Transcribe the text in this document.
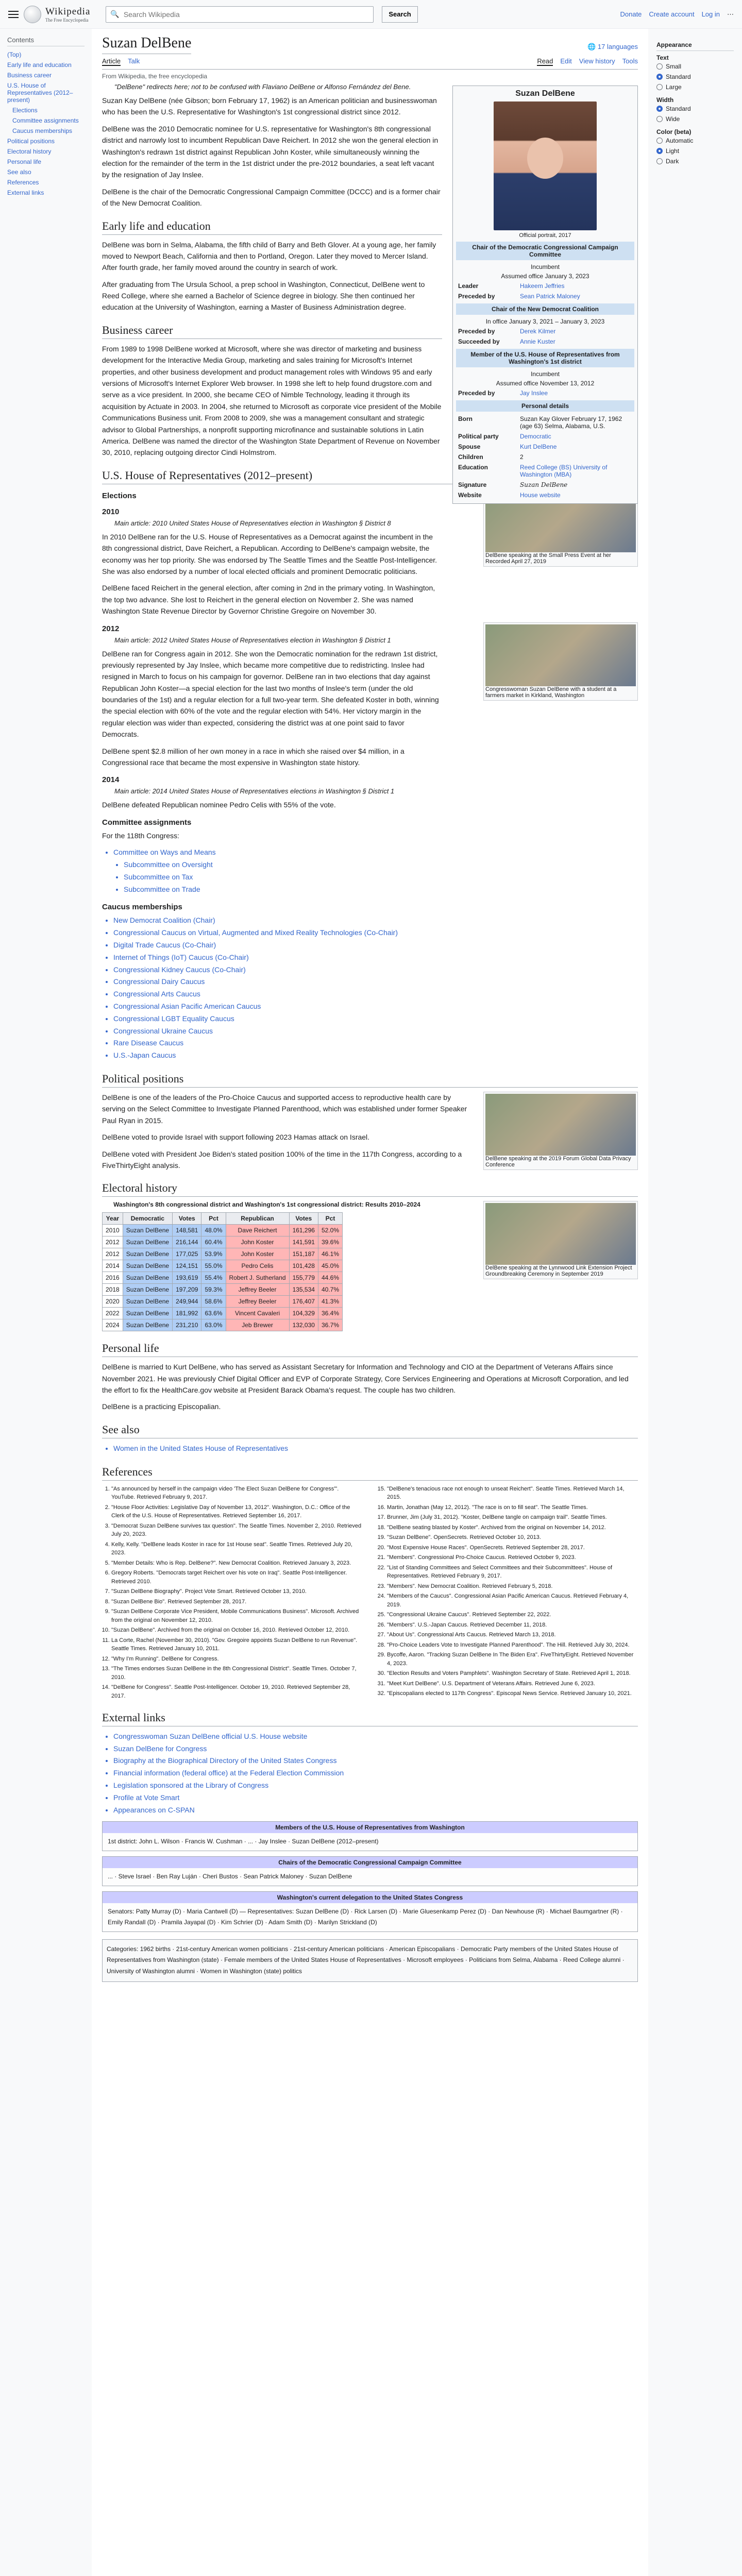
Wikipedia
The Free Encyclopedia
🔍
Search Wikipedia	Search	Donate Create account Log in ⋯
Contents
(Top)
Early life and education
Business career
U.S. House of Representatives (2012–present)
Elections
Committee assignments
Caucus memberships
Political positions
Electoral history
Personal life
See also
References
External links
Appearance
Text
Small
Standard
Large
Width
Standard
Wide
Color (beta)
Automatic
Light
Dark
Suzan DelBene	🌐 17 languages
Article Talk	Read Edit View history Tools
From Wikipedia, the free encyclopedia
"DelBene" redirects here; not to be confused with Flaviano DelBene or Alfonso Fernández del Bene.

Suzan Kay DelBene (née Gibson; born February 17, 1962) is an American politician and businesswoman who has been the U.S. Representative for Washington's 1st congressional district since 2012.

DelBene was the 2010 Democratic nominee for U.S. representative for Washington's 8th congressional district and narrowly lost to incumbent Republican Dave Reichert. In 2012 she won the general election in Washington's redrawn 1st district against Republican John Koster, while simultaneously winning the election for the remainder of the term in the 1st district under the pre-2012 boundaries, a seat left vacant by the resignation of Jay Inslee.

DelBene is the chair of the Democratic Congressional Campaign Committee (DCCC) and is a former chair of the New Democrat Coalition.

Early life and education

DelBene was born in Selma, Alabama, the fifth child of Barry and Beth Glover. At a young age, her family moved to Newport Beach, California and then to Portland, Oregon. Later they moved to Mercer Island. After fourth grade, her family moved around the country in search of work.

After graduating from The Ursula School, a prep school in Washington, Connecticut, DelBene went to Reed College, where she earned a Bachelor of Science degree in biology. She then continued her education at the University of Washington, earning a Master of Business Administration degree.

Business career

From 1989 to 1998 DelBene worked at Microsoft, where she was director of marketing and business development for the Interactive Media Group, marketing and sales training for Microsoft's Internet properties, and other business development and product management roles with Windows 95 and early versions of Microsoft's Internet Explorer Web browser. In 1998 she left to help found drugstore.com and serve as a vice president. In 2000, she became CEO of Nimble Technology, leading it through its acquisition by Actuate in 2003. In 2004, she returned to Microsoft as corporate vice president of the Mobile Communications Business unit. From 2008 to 2009, she was a management consultant and strategic advisor to Global Partnerships, a nonprofit supporting microfinance and sustainable solutions in Latin America. DelBene was named the director of the Washington State Department of Revenue on November 30, 2010, replacing outgoing director Cindi Holmstrom.

U.S. House of Representatives (2012–present)
DelBene speaking at the Small Press Event at her Recorded April 27, 2019
Elections
2010
Main article: 2010 United States House of Representatives election in Washington § District 8

In 2010 DelBene ran for the U.S. House of Representatives as a Democrat against the incumbent in the 8th congressional district, Dave Reichert, a Republican. According to DelBene's campaign website, the economy was her top priority. She was endorsed by The Seattle Times and the Seattle Post-Intelligencer. She was also endorsed by a number of local elected officials and prominent Democratic politicians.

DelBene faced Reichert in the general election, after coming in 2nd in the primary voting. In Washington, the top two advance. She lost to Reichert in the general election on November 2. She was named Washington State Revenue Director by Governor Christine Gregoire on November 30.

Congresswoman Suzan DelBene with a student at a farmers market in Kirkland, Washington
2012
Main article: 2012 United States House of Representatives election in Washington § District 1

DelBene ran for Congress again in 2012. She won the Democratic nomination for the redrawn 1st district, previously represented by Jay Inslee, which became more competitive due to redistricting. Inslee had resigned in March to focus on his campaign for governor. DelBene ran in two elections that day against Republican John Koster—a special election for the last two months of Inslee's term (under the old boundaries of the 1st) and a regular election for a full two-year term. She defeated Koster in both, winning the special election with 60% of the vote and the regular election with 54%. Her victory margin in the regular election was wider than expected, considering the district was at one point said to favor Democrats.

DelBene spent $2.8 million of her own money in a race in which she raised over $4 million, in a Congressional race that became the most expensive in Washington state history.

2014
Main article: 2014 United States House of Representatives elections in Washington § District 1

DelBene defeated Republican nominee Pedro Celis with 55% of the vote.

Committee assignments

For the 118th Congress:

• Committee on Ways and Means
• Subcommittee on Oversight
• Subcommittee on Tax
• Subcommittee on Trade
Caucus memberships
• New Democrat Coalition (Chair)
• Congressional Caucus on Virtual, Augmented and Mixed Reality Technologies (Co-Chair)
• Digital Trade Caucus (Co-Chair)
• Internet of Things (IoT) Caucus (Co-Chair)
• Congressional Kidney Caucus (Co-Chair)
• Congressional Dairy Caucus
• Congressional Arts Caucus
• Congressional Asian Pacific American Caucus
• Congressional LGBT Equality Caucus
• Congressional Ukraine Caucus
• Rare Disease Caucus
• U.S.-Japan Caucus
Political positions
DelBene speaking at the 2019 Forum Global Data Privacy Conference

DelBene is one of the leaders of the Pro-Choice Caucus and supported access to reproductive health care by serving on the Select Committee to Investigate Planned Parenthood, which was established under former Speaker Paul Ryan in 2015.

DelBene voted to provide Israel with support following 2023 Hamas attack on Israel.

DelBene voted with President Joe Biden's stated position 100% of the time in the 117th Congress, according to a FiveThirtyEight analysis.

Electoral history
DelBene speaking at the Lynnwood Link Extension Project Groundbreaking Ceremony in September 2019
Washington's 8th congressional district and Washington's 1st congressional district: Results 2010–2024
Year	Democratic	Votes	Pct	Republican	Votes	Pct
2010	Suzan DelBene	148,581	48.0%	Dave Reichert	161,296	52.0%
2012	Suzan DelBene	216,144	60.4%	John Koster	141,591	39.6%
2012	Suzan DelBene	177,025	53.9%	John Koster	151,187	46.1%
2014	Suzan DelBene	124,151	55.0%	Pedro Celis	101,428	45.0%
2016	Suzan DelBene	193,619	55.4%	Robert J. Sutherland	155,779	44.6%
2018	Suzan DelBene	197,209	59.3%	Jeffrey Beeler	135,534	40.7%
2020	Suzan DelBene	249,944	58.6%	Jeffrey Beeler	176,407	41.3%
2022	Suzan DelBene	181,992	63.6%	Vincent Cavaleri	104,329	36.4%
2024	Suzan DelBene	231,210	63.0%	Jeb Brewer	132,030	36.7%
Personal life

DelBene is married to Kurt DelBene, who has served as Assistant Secretary for Information and Technology and CIO at the Department of Veterans Affairs since November 2021. He was previously Chief Digital Officer and EVP of Corporate Strategy, Core Services Engineering and Operations at Microsoft Corporation, and led the effort to fix the HealthCare.gov website at President Barack Obama's request. The couple has two children.

DelBene is a practicing Episcopalian.

See also
• Women in the United States House of Representatives
References
1. "As announced by herself in the campaign video 'The Elect Suzan DelBene for Congress'". YouTube. Retrieved February 9, 2017.
2. "House Floor Activities: Legislative Day of November 13, 2012". Washington, D.C.: Office of the Clerk of the U.S. House of Representatives. Retrieved September 16, 2017.
3. "Democrat Suzan DelBene survives tax question". The Seattle Times. November 2, 2010. Retrieved July 20, 2023.
4. Kelly, Kelly. "DelBene leads Koster in race for 1st House seat". Seattle Times. Retrieved July 20, 2023.
5. "Member Details: Who is Rep. DelBene?". New Democrat Coalition. Retrieved January 3, 2023.
6. Gregory Roberts. "Democrats target Reichert over his vote on Iraq". Seattle Post-Intelligencer. Retrieved 2010.
7. "Suzan DelBene Biography". Project Vote Smart. Retrieved October 13, 2010.
8. "Suzan DelBene Bio". Retrieved September 28, 2017.
9. "Suzan DelBene Corporate Vice President, Mobile Communications Business". Microsoft. Archived from the original on November 12, 2010.
10. "Suzan DelBene". Archived from the original on October 16, 2010. Retrieved October 12, 2010.
11. La Corte, Rachel (November 30, 2010). "Gov. Gregoire appoints Suzan DelBene to run Revenue". Seattle Times. Retrieved January 10, 2011.
12. "Why I'm Running". DelBene for Congress.
13. "The Times endorses Suzan DelBene in the 8th Congressional District". Seattle Times. October 7, 2010.
14. "DelBene for Congress". Seattle Post-Intelligencer. October 19, 2010. Retrieved September 28, 2017.
15. "DelBene's tenacious race not enough to unseat Reichert". Seattle Times. Retrieved March 14, 2015.
16. Martin, Jonathan (May 12, 2012). "The race is on to fill seat". The Seattle Times.
17. Brunner, Jim (July 31, 2012). "Koster, DelBene tangle on campaign trail". Seattle Times.
18. "DelBene seating blasted by Koster". Archived from the original on November 14, 2012.
19. "Suzan DelBene". OpenSecrets. Retrieved October 10, 2013.
20. "Most Expensive House Races". OpenSecrets. Retrieved September 28, 2017.
21. "Members". Congressional Pro-Choice Caucus. Retrieved October 9, 2023.
22. "List of Standing Committees and Select Committees and their Subcommittees". House of Representatives. Retrieved February 9, 2017.
23. "Members". New Democrat Coalition. Retrieved February 5, 2018.
24. "Members of the Caucus". Congressional Asian Pacific American Caucus. Retrieved February 4, 2019.
25. "Congressional Ukraine Caucus". Retrieved September 22, 2022.
26. "Members". U.S.-Japan Caucus. Retrieved December 11, 2018.
27. "About Us". Congressional Arts Caucus. Retrieved March 13, 2018.
28. "Pro-Choice Leaders Vote to Investigate Planned Parenthood". The Hill. Retrieved July 30, 2024.
29. Bycoffe, Aaron. "Tracking Suzan DelBene In The Biden Era". FiveThirtyEight. Retrieved November 4, 2023.
30. "Election Results and Voters Pamphlets". Washington Secretary of State. Retrieved April 1, 2018.
31. "Meet Kurt DelBene". U.S. Department of Veterans Affairs. Retrieved June 6, 2023.
32. "Episcopalians elected to 117th Congress". Episcopal News Service. Retrieved January 10, 2021.
External links
• Congresswoman Suzan DelBene official U.S. House website
• Suzan DelBene for Congress
• Biography at the Biographical Directory of the United States Congress
• Financial information (federal office) at the Federal Election Commission
• Legislation sponsored at the Library of Congress
• Profile at Vote Smart
• Appearances on C-SPAN
Members of the U.S. House of Representatives from Washington
1st district: John L. Wilson · Francis W. Cushman · ... · Jay Inslee · Suzan DelBene (2012–present)
Chairs of the Democratic Congressional Campaign Committee
... · Steve Israel · Ben Ray Luján · Cheri Bustos · Sean Patrick Maloney · Suzan DelBene
Washington's current delegation to the United States Congress
Senators: Patty Murray (D) · Maria Cantwell (D) — Representatives: Suzan DelBene (D) · Rick Larsen (D) · Marie Gluesenkamp Perez (D) · Dan Newhouse (R) · Michael Baumgartner (R) · Emily Randall (D) · Pramila Jayapal (D) · Kim Schrier (D) · Adam Smith (D) · Marilyn Strickland (D)
Categories: 1962 births · 21st-century American women politicians · 21st-century American politicians · American Episcopalians · Democratic Party members of the United States House of Representatives from Washington (state) · Female members of the United States House of Representatives · Microsoft employees · Politicians from Selma, Alabama · Reed College alumni · University of Washington alumni · Women in Washington (state) politics
Suzan DelBene
Official portrait, 2017
Chair of the Democratic Congressional Campaign Committee
Incumbent
Assumed office January 3, 2023
Leader	Hakeem Jeffries
Preceded by	Sean Patrick Maloney
Chair of the New Democrat Coalition
In office January 3, 2021 – January 3, 2023
Preceded by	Derek Kilmer
Succeeded by	Annie Kuster
Member of the U.S. House of Representatives from Washington's 1st district
Incumbent
Assumed office November 13, 2012
Preceded by	Jay Inslee
Personal details
Born	Suzan Kay Glover February 17, 1962 (age 63) Selma, Alabama, U.S.
Political party	Democratic
Spouse	Kurt DelBene
Children	2
Education	Reed College (BS) University of Washington (MBA)
Signature	Suzan DelBene
Website	House website
